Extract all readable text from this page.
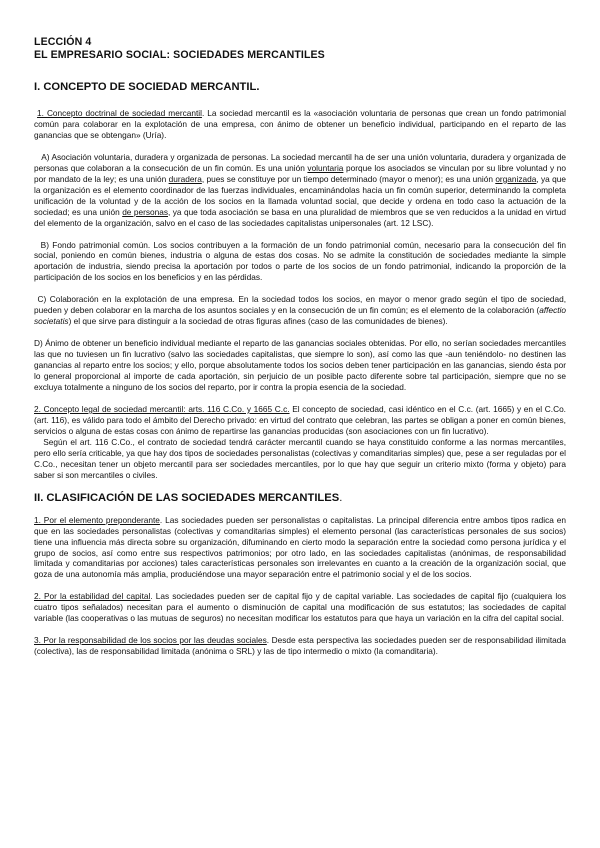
LECCIÓN 4
EL EMPRESARIO SOCIAL: SOCIEDADES MERCANTILES
I. CONCEPTO DE SOCIEDAD MERCANTIL.

1. Concepto doctrinal de sociedad mercantil. La sociedad mercantil es la «asociación voluntaria de personas que crean un fondo patrimonial común para colaborar en la explotación de una empresa, con ánimo de obtener un beneficio individual, participando en el reparto de las ganancias que se obtengan» (Uría).

A) Asociación voluntaria, duradera y organizada de personas. La sociedad mercantil ha de ser una unión voluntaria, duradera y organizada de personas que colaboran a la consecución de un fin común. Es una unión voluntaria porque los asociados se vinculan por su libre voluntad y no por mandato de la ley; es una unión duradera, pues se constituye por un tiempo determinado (mayor o menor); es una unión organizada, ya que la organización es el elemento coordinador de las fuerzas individuales, encaminándolas hacia un fin común superior, determinando la completa unificación de la voluntad y de la acción de los socios en la llamada voluntad social, que decide y ordena en todo caso la actuación de la sociedad; es una unión de personas, ya que toda asociación se basa en una pluralidad de miembros que se ven reducidos a la unidad en virtud del elemento de la organización, salvo en el caso de las sociedades capitalistas unipersonales (art. 12 LSC).

B) Fondo patrimonial común. Los socios contribuyen a la formación de un fondo patrimonial común, necesario para la consecución del fin social, poniendo en común bienes, industria o alguna de estas dos cosas. No se admite la constitución de sociedades mediante la simple aportación de industria, siendo precisa la aportación por todos o parte de los socios de un fondo patrimonial, indicando la proporción de la participación de los socios en los beneficios y en las pérdidas.

C) Colaboración en la explotación de una empresa. En la sociedad todos los socios, en mayor o menor grado según el tipo de sociedad, pueden y deben colaborar en la marcha de los asuntos sociales y en la consecución de un fin común; es el elemento de la colaboración (affectio societatis) el que sirve para distinguir a la sociedad de otras figuras afines (caso de las comunidades de bienes).

D) Ánimo de obtener un beneficio individual mediante el reparto de las ganancias sociales obtenidas. Por ello, no serían sociedades mercantiles las que no tuviesen un fin lucrativo (salvo las sociedades capitalistas, que siempre lo son), así como las que -aun teniéndolo- no destinen las ganancias al reparto entre los socios; y ello, porque absolutamente todos los socios deben tener participación en las ganancias, siendo ésta por lo general proporcional al importe de cada aportación, sin perjuicio de un posible pacto diferente sobre tal participación, siempre que no se excluya totalmente a ninguno de los socios del reparto, por ir contra la propia esencia de la sociedad.

2. Concepto legal de sociedad mercantil: arts. 116 C.Co. y 1665 C.c. El concepto de sociedad, casi idéntico en el C.c. (art. 1665) y en el C.Co. (art. 116), es válido para todo el ámbito del Derecho privado: en virtud del contrato que celebran, las partes se obligan a poner en común bienes, servicios o alguna de estas cosas con ánimo de repartirse las ganancias producidas (son asociaciones con un fin lucrativo).

Según el art. 116 C.Co., el contrato de sociedad tendrá carácter mercantil cuando se haya constituido conforme a las normas mercantiles, pero ello sería criticable, ya que hay dos tipos de sociedades personalistas (colectivas y comanditarias simples) que, pese a ser reguladas por el C.Co., necesitan tener un objeto mercantil para ser sociedades mercantiles, por lo que hay que seguir un criterio mixto (forma y objeto) para saber si son mercantiles o civiles.

II. CLASIFICACIÓN DE LAS SOCIEDADES MERCANTILES.

1. Por el elemento preponderante. Las sociedades pueden ser personalistas o capitalistas. La principal diferencia entre ambos tipos radica en que en las sociedades personalistas (colectivas y comanditarias simples) el elemento personal (las características personales de sus socios) tiene una influencia más directa sobre su organización, difuminando en cierto modo la separación entre la sociedad como persona jurídica y el grupo de socios, así como entre sus respectivos patrimonios; por otro lado, en las sociedades capitalistas (anónimas, de responsabilidad limitada y comanditarias por acciones) tales características personales son irrelevantes en cuanto a la creación de la organización social, que goza de una autonomía más amplia, produciéndose una mayor separación entre el patrimonio social y el de los socios.

2. Por la estabilidad del capital. Las sociedades pueden ser de capital fijo y de capital variable. Las sociedades de capital fijo (cualquiera los cuatro tipos señalados) necesitan para el aumento o disminución de capital una modificación de sus estatutos; las sociedades de capital variable (las cooperativas o las mutuas de seguros) no necesitan modificar los estatutos para que haya un variación en la cifra del capital social.

3. Por la responsabilidad de los socios por las deudas sociales. Desde esta perspectiva las sociedades pueden ser de responsabilidad ilimitada (colectiva), las de responsabilidad limitada (anónima o SRL) y las de tipo intermedio o mixto (la comanditaria).
